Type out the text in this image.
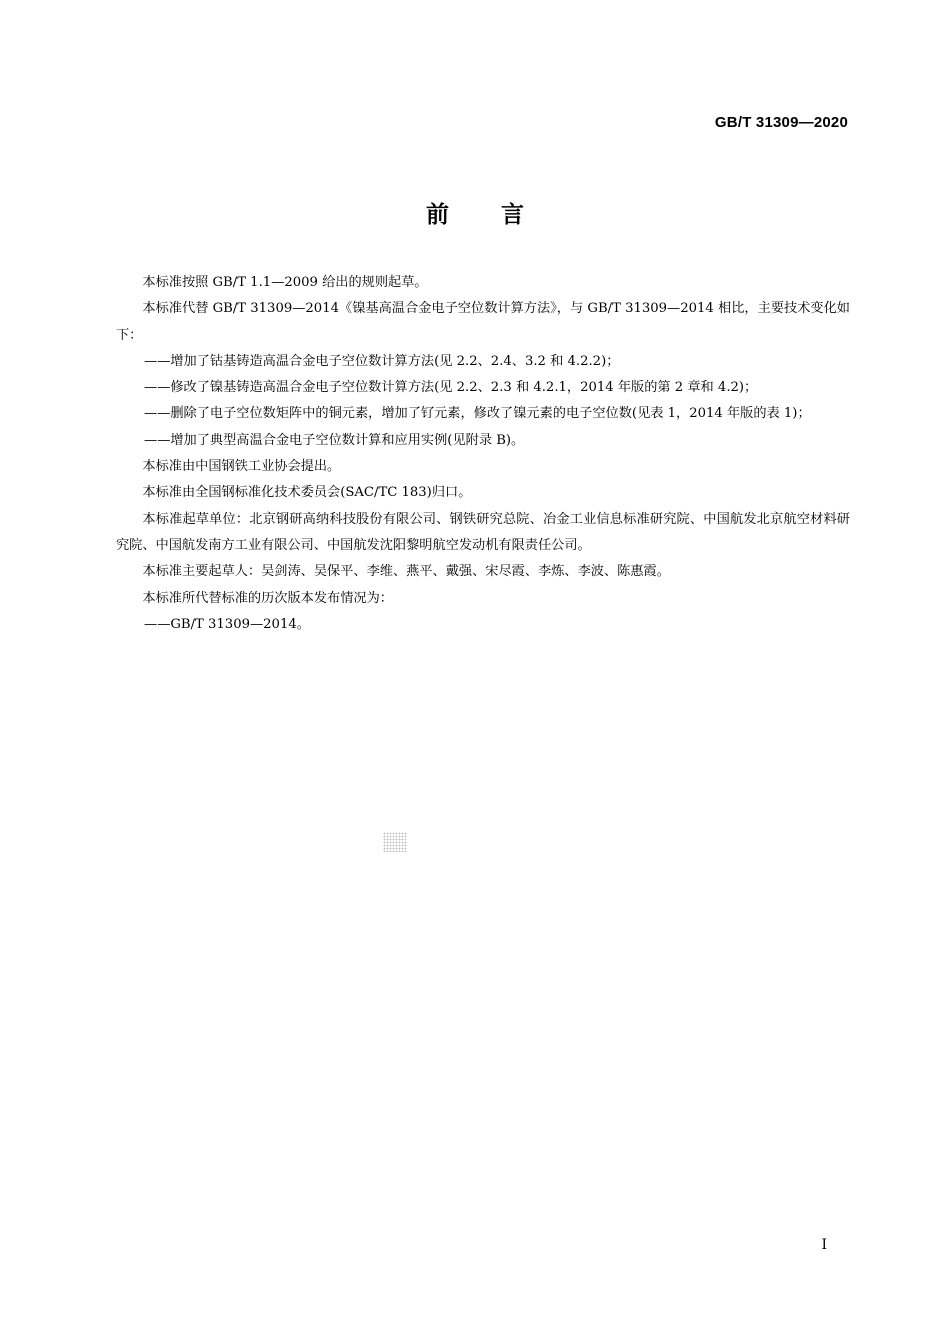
GB/T 31309—2020
前言

本标准按照 GB/T 1.1—2009 给出的规则起草。

本标准代替 GB/T 31309—2014《镍基高温合金电子空位数计算方法》，与 GB/T 31309—2014 相比，主要技术变化如下：

——增加了钴基铸造高温合金电子空位数计算方法(见 2.2、2.4、3.2 和 4.2.2)；

——修改了镍基铸造高温合金电子空位数计算方法(见 2.2、2.3 和 4.2.1，2014 年版的第 2 章和 4.2)；

——删除了电子空位数矩阵中的铜元素，增加了钌元素，修改了镍元素的电子空位数(见表 1，2014 年版的表 1)；

——增加了典型高温合金电子空位数计算和应用实例(见附录 B)。

本标准由中国钢铁工业协会提出。

本标准由全国钢标准化技术委员会(SAC/TC 183)归口。

本标准起草单位：北京钢研高纳科技股份有限公司、钢铁研究总院、冶金工业信息标准研究院、中国航发北京航空材料研究院、中国航发南方工业有限公司、中国航发沈阳黎明航空发动机有限责任公司。

本标准主要起草人：吴剑涛、吴保平、李维、燕平、戴强、宋尽霞、李炼、李波、陈惠霞。

本标准所代替标准的历次版本发布情况为：

——GB/T 31309—2014。

I
